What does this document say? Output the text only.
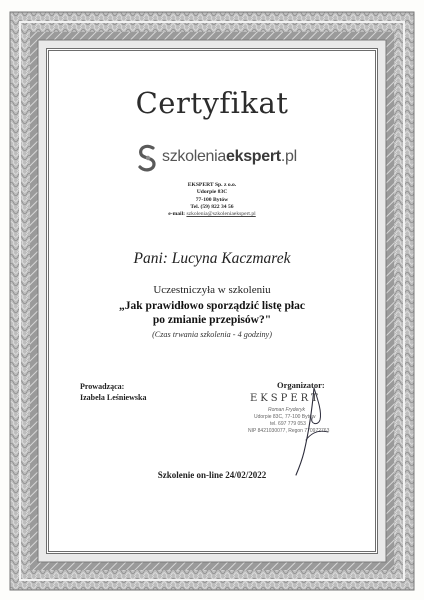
Certyfikat
szkoleniaekspert.pl
EKSPERT Sp. z o.o.
Udorpie 83C
77-100 Bytów
Tel. (59) 822 34 56
e-mail: szkolenia@szkoleniaekspert.pl
Pani: Lucyna Kaczmarek
Uczestniczyła w szkoleniu
„Jak prawidłowo sporządzić listę płac
po zmianie przepisów?"
(Czas trwania szkolenia - 4 godziny)
Prowadząca:
Izabela Leśniewska
Organizator:
EKSPERT
Roman Fryderyk
Udorpie 83C, 77-100 Bytów
tel. 697 779 053
NIP 8421030077, Regon 770972763
Szkolenie on-line 24/02/2022
